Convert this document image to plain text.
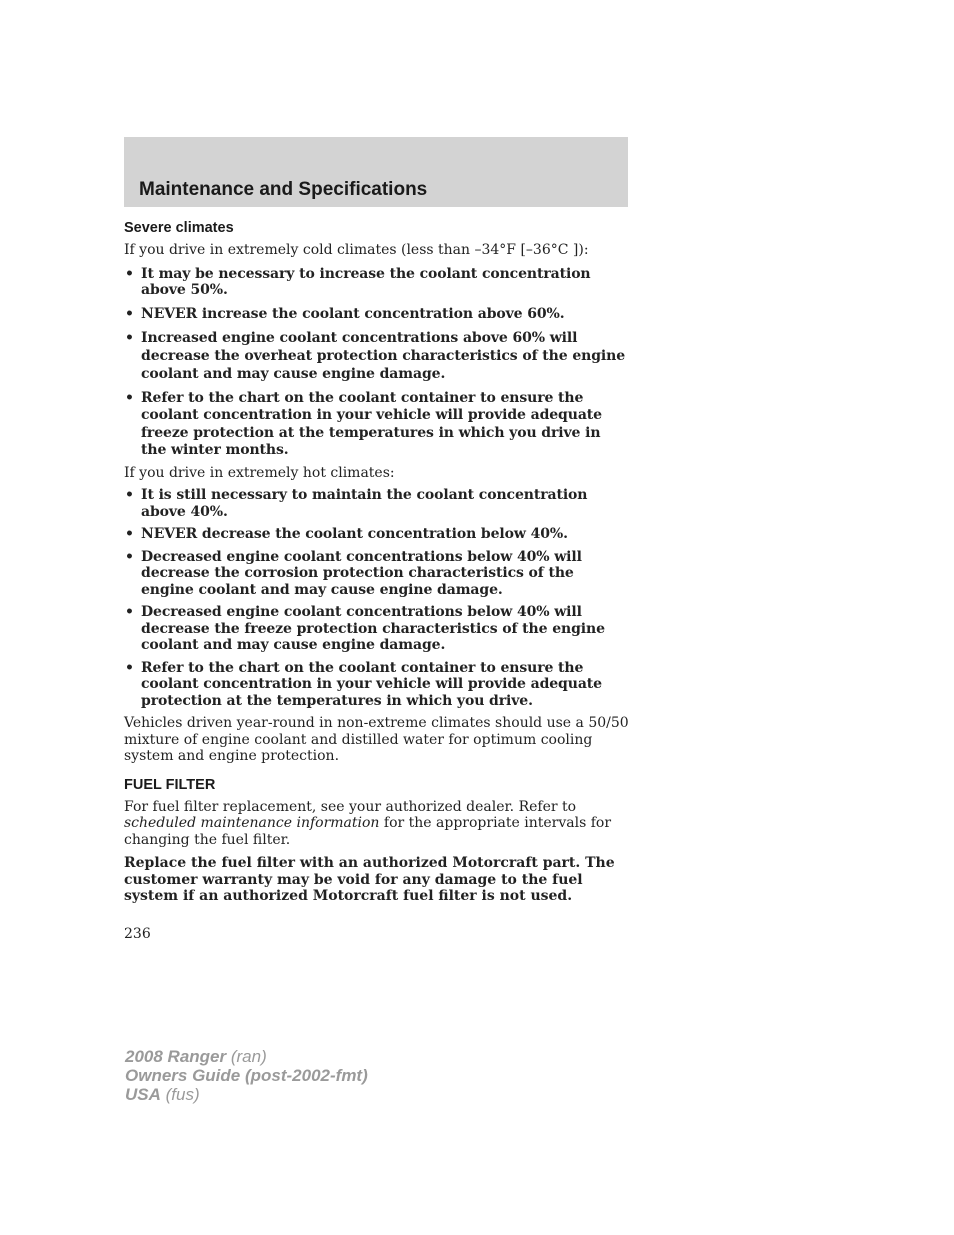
Maintenance and Specifications
Severe climates

If you drive in extremely cold climates (less than –34°F [–36°C ]):

• It may be necessary to increase the coolant concentration above 50%.
• NEVER increase the coolant concentration above 60%.
• Increased engine coolant concentrations above 60% will decrease the overheat protection characteristics of the engine coolant and may cause engine damage.
• Refer to the chart on the coolant container to ensure the coolant concentration in your vehicle will provide adequate freeze protection at the temperatures in which you drive in the winter months.

If you drive in extremely hot climates:

• It is still necessary to maintain the coolant concentration above 40%.
• NEVER decrease the coolant concentration below 40%.
• Decreased engine coolant concentrations below 40% will decrease the corrosion protection characteristics of the engine coolant and may cause engine damage.
• Decreased engine coolant concentrations below 40% will decrease the freeze protection characteristics of the engine coolant and may cause engine damage.
• Refer to the chart on the coolant container to ensure the coolant concentration in your vehicle will provide adequate protection at the temperatures in which you drive.

Vehicles driven year-round in non-extreme climates should use a 50/50 mixture of engine coolant and distilled water for optimum cooling system and engine protection.

FUEL FILTER

For fuel filter replacement, see your authorized dealer. Refer to scheduled maintenance information for the appropriate intervals for changing the fuel filter.

Replace the fuel filter with an authorized Motorcraft part. The customer warranty may be void for any damage to the fuel system if an authorized Motorcraft fuel filter is not used.

236
2008 Ranger (ran)
Owners Guide (post-2002-fmt)
USA (fus)
